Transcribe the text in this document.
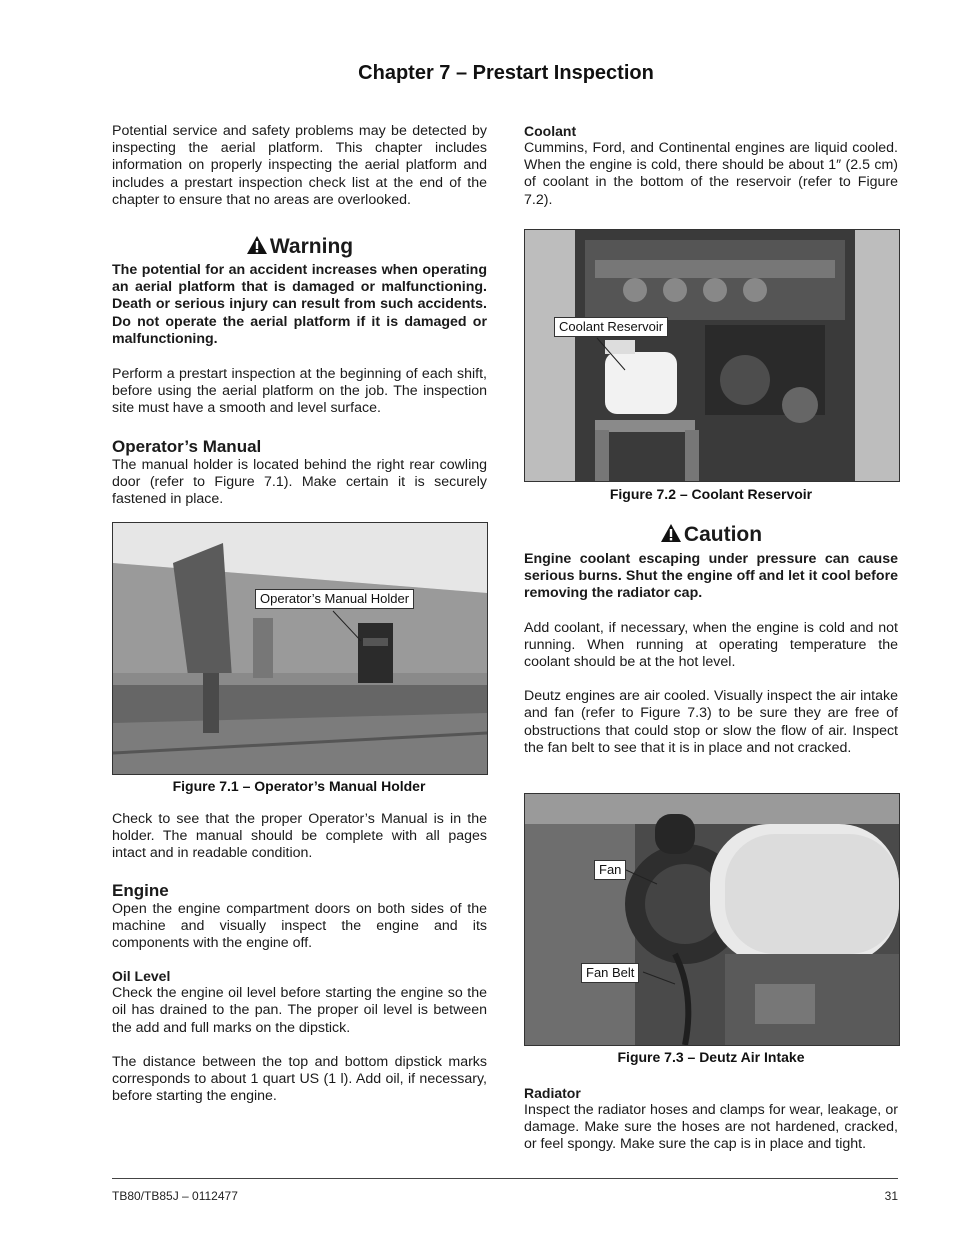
Chapter 7 – Prestart Inspection

Potential service and safety problems may be detected by inspecting the aerial platform. This chapter includes information on properly inspecting the aerial platform and includes a prestart inspection check list at the end of the chapter to ensure that no areas are overlooked.

Warning

The potential for an accident increases when operating an aerial platform that is damaged or malfunctioning. Death or serious injury can result from such accidents. Do not operate the aerial platform if it is damaged or malfunctioning.

Perform a prestart inspection at the beginning of each shift, before using the aerial platform on the job. The inspection site must have a smooth and level surface.

Operator’s Manual

The manual holder is located behind the right rear cowling door (refer to Figure 7.1). Make certain it is securely fastened in place.

Operator’s Manual Holder
Figure 7.1 – Operator’s Manual Holder

Check to see that the proper Operator’s Manual is in the holder. The manual should be complete with all pages intact and in readable condition.

Engine

Open the engine compartment doors on both sides of the machine and visually inspect the engine and its components with the engine off.

Oil Level

Check the engine oil level before starting the engine so the oil has drained to the pan. The proper oil level is between the add and full marks on the dipstick.

The distance between the top and bottom dipstick marks corresponds to about 1 quart US (1 l). Add oil, if necessary, before starting the engine.

Coolant

Cummins, Ford, and Continental engines are liquid cooled. When the engine is cold, there should be about 1″ (2.5 cm) of coolant in the bottom of the reservoir (refer to Figure 7.2).

Coolant Reservoir
Figure 7.2 – Coolant Reservoir
Caution

Engine coolant escaping under pressure can cause serious burns. Shut the engine off and let it cool before removing the radiator cap.

Add coolant, if necessary, when the engine is cold and not running. When running at operating temperature the coolant should be at the hot level.

Deutz engines are air cooled. Visually inspect the air intake and fan (refer to Figure 7.3) to be sure they are free of obstructions that could stop or slow the flow of air. Inspect the fan belt to see that it is in place and not cracked.

Fan
Fan Belt
Figure 7.3 – Deutz Air Intake
Radiator

Inspect the radiator hoses and clamps for wear, leakage, or damage. Make sure the hoses are not hardened, cracked, or feel spongy. Make sure the cap is in place and tight.

TB80/TB85J – 0112477	31
